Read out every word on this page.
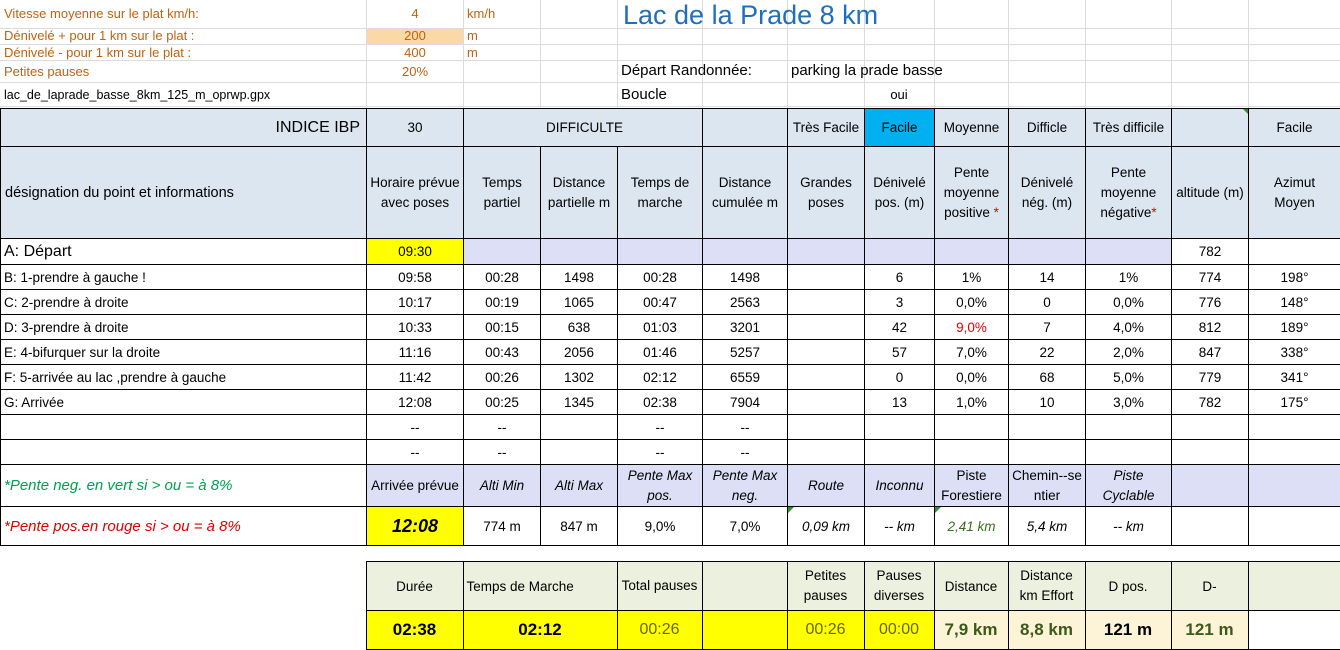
Vitesse moyenne sur le plat km/h:	4	km/h
Dénivelé + pour 1 km sur le plat :	200	m
Dénivelé - pour 1 km sur le plat :	400	m
Petites pauses	20%
lac_de_laprade_basse_8km_125_m_oprwp.gpx
Lac de la Prade 8 km
Départ Randonnée:	parking la prade basse
Boucle	oui
INDICE IBP	30	DIFFICULTE				Très Facile	Facile	Moyenne	Difficle	Très difficile		Facile
désignation du point et informations	Horaire prévue avec poses	Temps partiel	Distance partielle m	Temps de marche	Distance cumulée m	Grandes poses	Dénivelé pos. (m)	Pente moyenne positive *	Dénivelé nég. (m)	Pente moyenne négative*	altitude (m)	Azimut Moyen
A: Départ	09:30										782	
B: 1-prendre à gauche !	09:58	00:28	1498	00:28	1498		6	1%	14	1%	774	198°
C: 2-prendre à droite	10:17	00:19	1065	00:47	2563		3	0,0%	0	0,0%	776	148°
D: 3-prendre à droite	10:33	00:15	638	01:03	3201		42	9,0%	7	4,0%	812	189°
E: 4-bifurquer sur la droite	11:16	00:43	2056	01:46	5257		57	7,0%	22	2,0%	847	338°
F: 5-arrivée au lac ,prendre à gauche	11:42	00:26	1302	02:12	6559		0	0,0%	68	5,0%	779	341°
G: Arrivée	12:08	00:25	1345	02:38	7904		13	1,0%	10	3,0%	782	175°
	--	--		--	--							
	--	--		--	--							
*Pente neg. en vert si > ou = à 8%	Arrivée prévue	Alti Min	Alti Max	Pente Max pos.	Pente Max neg.	Route	Inconnu	Piste Forestiere	Chemin--sentier	Piste Cyclable		
*Pente pos.en rouge si > ou = à 8%	12:08	774 m	847 m	9,0%	7,0%	0,09 km	-- km	2,41 km	5,4 km	-- km		
	Durée	Temps de Marche	Total pauses		Petites pauses	Pauses diverses	Distance	Distance km Effort	D pos.	D-	
	02:38	02:12	00:26		00:26	00:00	7,9 km	8,8 km	121 m	121 m	
